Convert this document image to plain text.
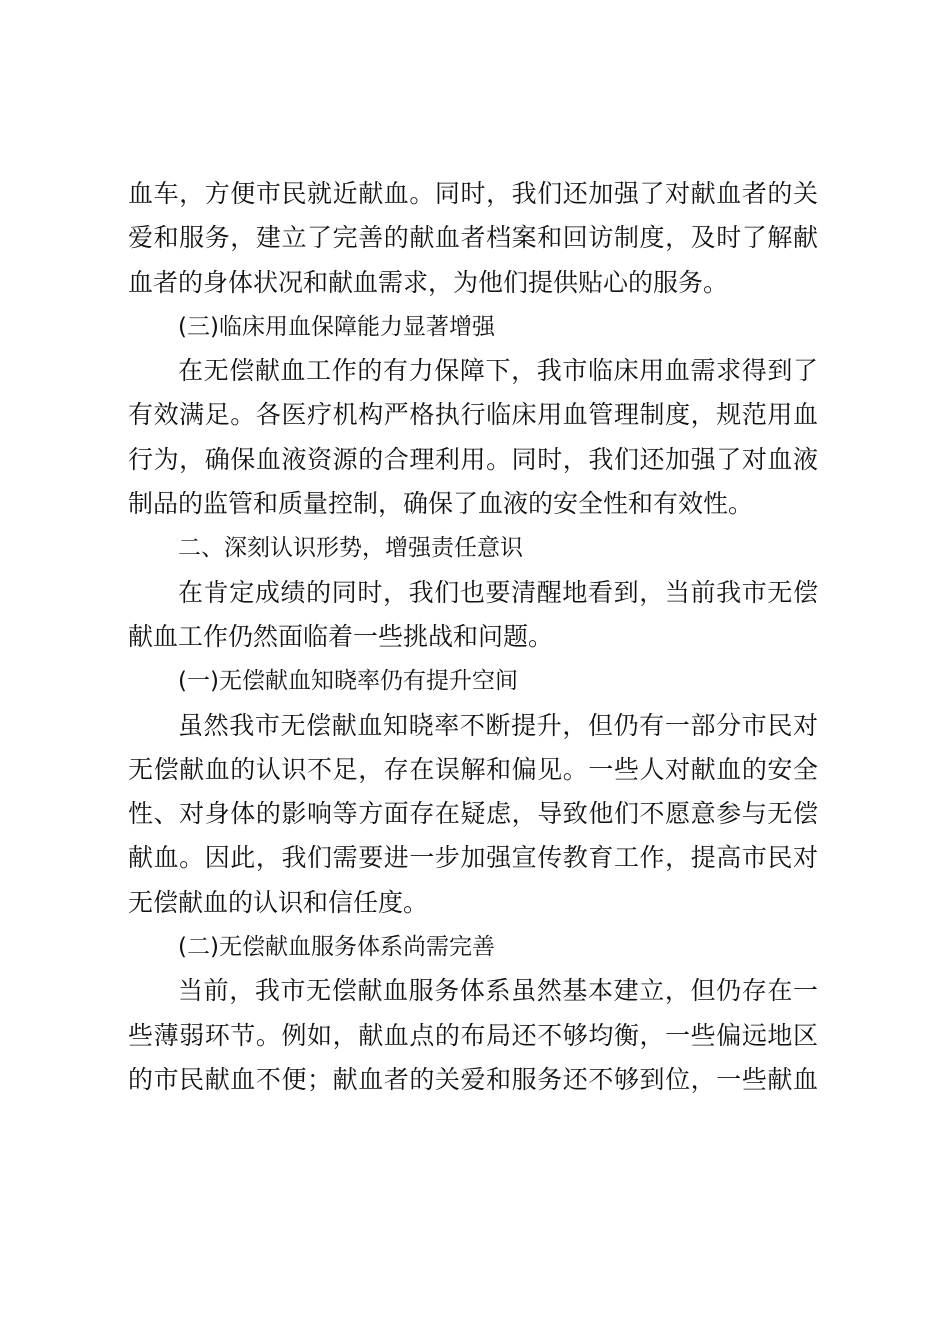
血车，方便市民就近献血。同时，我们还加强了对献血者的关
爱和服务，建立了完善的献血者档案和回访制度，及时了解献
血者的身体状况和献血需求，为他们提供贴心的服务。
(三)临床用血保障能力显著增强
在无偿献血工作的有力保障下，我市临床用血需求得到了
有效满足。各医疗机构严格执行临床用血管理制度，规范用血
行为，确保血液资源的合理利用。同时，我们还加强了对血液
制品的监管和质量控制，确保了血液的安全性和有效性。
二、深刻认识形势，增强责任意识
在肯定成绩的同时，我们也要清醒地看到，当前我市无偿
献血工作仍然面临着一些挑战和问题。
(一)无偿献血知晓率仍有提升空间
虽然我市无偿献血知晓率不断提升，但仍有一部分市民对
无偿献血的认识不足，存在误解和偏见。一些人对献血的安全
性、对身体的影响等方面存在疑虑，导致他们不愿意参与无偿
献血。因此，我们需要进一步加强宣传教育工作，提高市民对
无偿献血的认识和信任度。
(二)无偿献血服务体系尚需完善
当前，我市无偿献血服务体系虽然基本建立，但仍存在一
些薄弱环节。例如，献血点的布局还不够均衡，一些偏远地区
的市民献血不便；献血者的关爱和服务还不够到位，一些献血
